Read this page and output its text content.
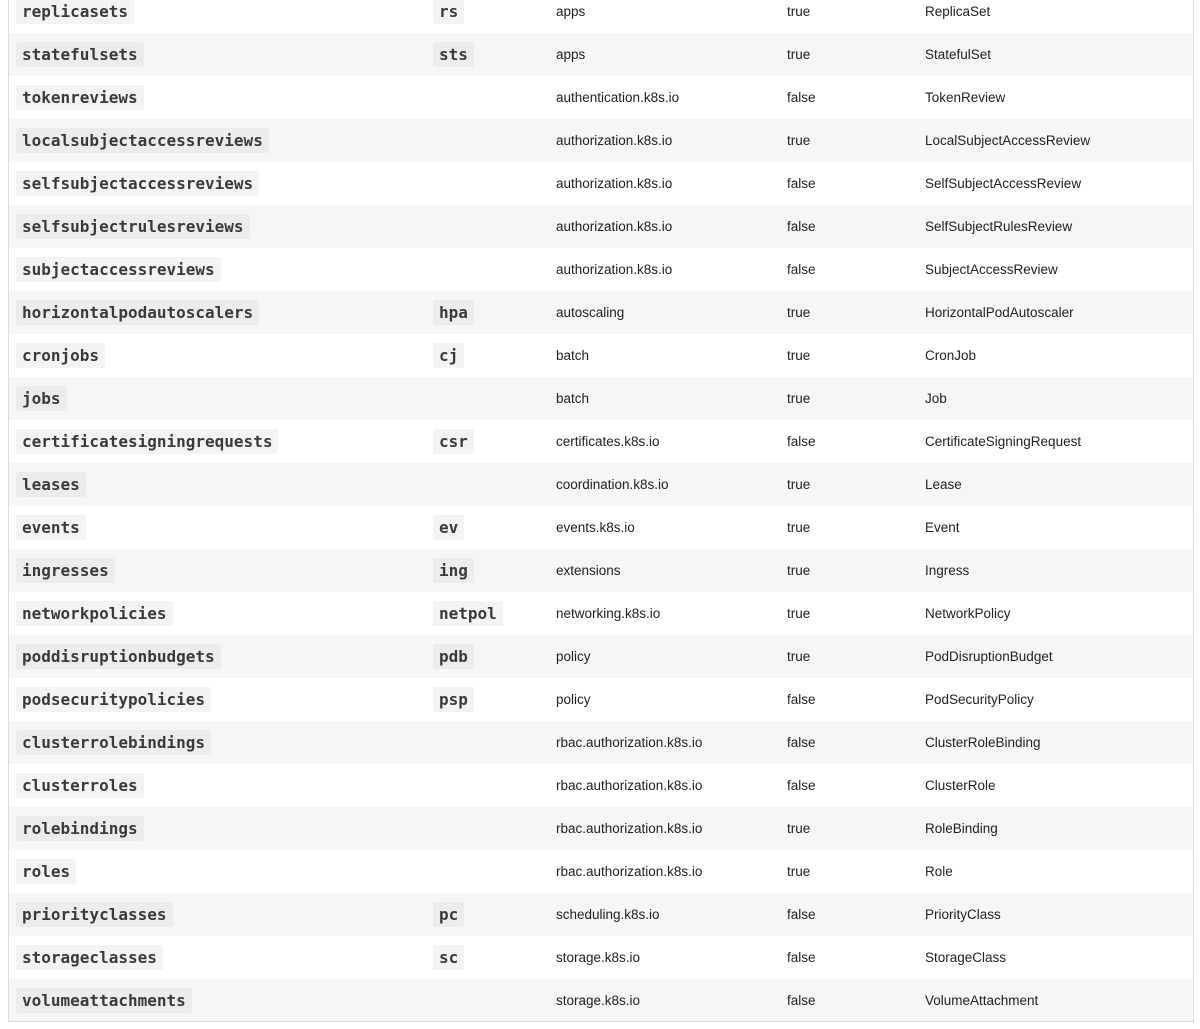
replicasets	rs	apps	true	ReplicaSet
statefulsets	sts	apps	true	StatefulSet
tokenreviews		authentication.k8s.io	false	TokenReview
localsubjectaccessreviews		authorization.k8s.io	true	LocalSubjectAccessReview
selfsubjectaccessreviews		authorization.k8s.io	false	SelfSubjectAccessReview
selfsubjectrulesreviews		authorization.k8s.io	false	SelfSubjectRulesReview
subjectaccessreviews		authorization.k8s.io	false	SubjectAccessReview
horizontalpodautoscalers	hpa	autoscaling	true	HorizontalPodAutoscaler
cronjobs	cj	batch	true	CronJob
jobs		batch	true	Job
certificatesigningrequests	csr	certificates.k8s.io	false	CertificateSigningRequest
leases		coordination.k8s.io	true	Lease
events	ev	events.k8s.io	true	Event
ingresses	ing	extensions	true	Ingress
networkpolicies	netpol	networking.k8s.io	true	NetworkPolicy
poddisruptionbudgets	pdb	policy	true	PodDisruptionBudget
podsecuritypolicies	psp	policy	false	PodSecurityPolicy
clusterrolebindings		rbac.authorization.k8s.io	false	ClusterRoleBinding
clusterroles		rbac.authorization.k8s.io	false	ClusterRole
rolebindings		rbac.authorization.k8s.io	true	RoleBinding
roles		rbac.authorization.k8s.io	true	Role
priorityclasses	pc	scheduling.k8s.io	false	PriorityClass
storageclasses	sc	storage.k8s.io	false	StorageClass
volumeattachments		storage.k8s.io	false	VolumeAttachment
